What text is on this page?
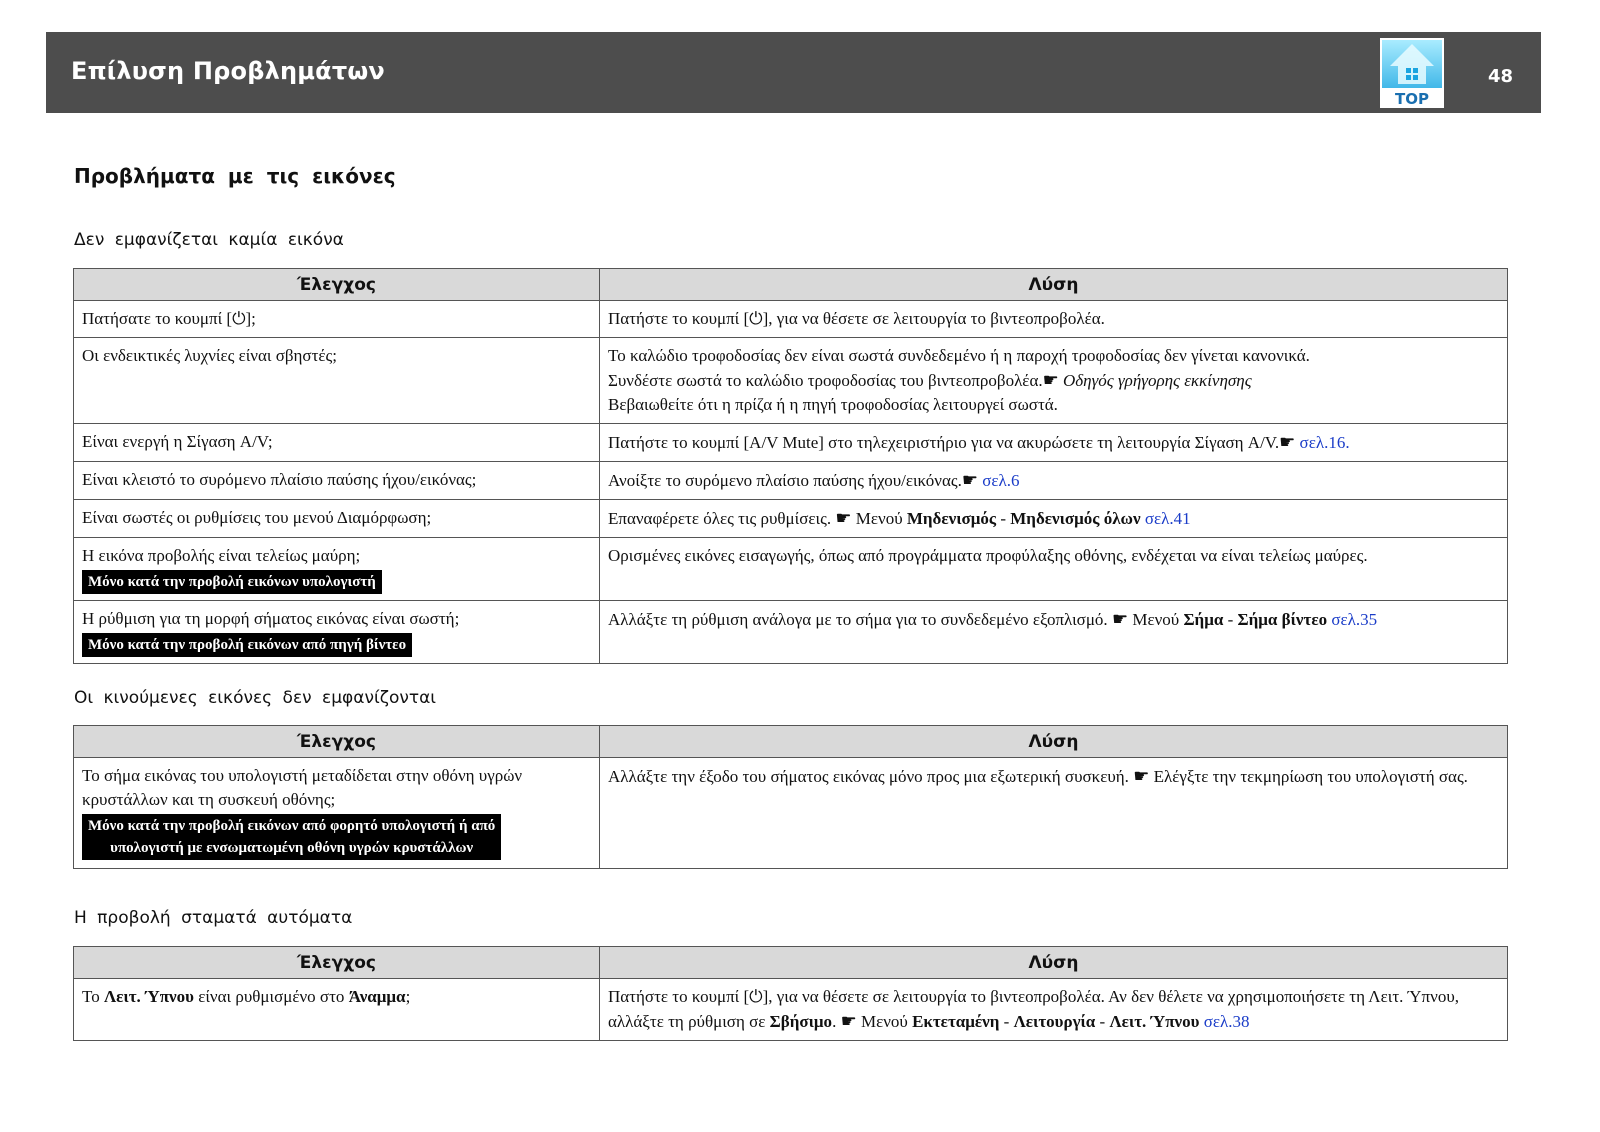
Επίλυση Προβλημάτων
TOP
48
Προβλήματα με τις εικόνες
Δεν εμφανίζεται καμία εικόνα
Έλεγχος	Λύση
Πατήσατε το κουμπί [⏻];	Πατήστε το κουμπί [⏻], για να θέσετε σε λειτουργία το βιντεοπροβολέα.
Οι ενδεικτικές λυχνίες είναι σβηστές;	Το καλώδιο τροφοδοσίας δεν είναι σωστά συνδεδεμένο ή η παροχή τροφοδοσίας δεν γίνεται κανονικά.

Συνδέστε σωστά το καλώδιο τροφοδοσίας του βιντεοπροβολέα.☛ Οδηγός γρήγορης εκκίνησης

Βεβαιωθείτε ότι η πρίζα ή η πηγή τροφοδοσίας λειτουργεί σωστά.

Είναι ενεργή η Σίγαση A/V;	Πατήστε το κουμπί [A/V Mute] στο τηλεχειριστήριο για να ακυρώσετε τη λειτουργία Σίγαση A/V.☛ σελ.16.
Είναι κλειστό το συρόμενο πλαίσιο παύσης ήχου/εικόνας;	Ανοίξτε το συρόμενο πλαίσιο παύσης ήχου/εικόνας.☛ σελ.6
Είναι σωστές οι ρυθμίσεις του μενού Διαμόρφωση;	Επαναφέρετε όλες τις ρυθμίσεις. ☛ Μενού Μηδενισμός - Μηδενισμός όλων σελ.41

Η εικόνα προβολής είναι τελείως μαύρη;
Μόνο κατά την προβολή εικόνων υπολογιστή	Ορισμένες εικόνες εισαγωγής, όπως από προγράμματα προφύλαξης οθόνης, ενδέχεται να είναι τελείως μαύρες.

Η ρύθμιση για τη μορφή σήματος εικόνας είναι σωστή;
Μόνο κατά την προβολή εικόνων από πηγή βίντεο	Αλλάξτε τη ρύθμιση ανάλογα με το σήμα για το συνδεδεμένο εξοπλισμό. ☛ Μενού Σήμα - Σήμα βίντεο σελ.35
Οι κινούμενες εικόνες δεν εμφανίζονται
Έλεγχος	Λύση

Το σήμα εικόνας του υπολογιστή μεταδίδεται στην οθόνη υγρών κρυστάλλων και τη συσκευή οθόνης;
Μόνο κατά την προβολή εικόνων από φορητό υπολογιστή ή από
υπολογιστή με ενσωματωμένη οθόνη υγρών κρυστάλλων	Αλλάξτε την έξοδο του σήματος εικόνας μόνο προς μια εξωτερική συσκευή. ☛ Ελέγξτε την τεκμηρίωση του υπολογιστή σας.
Η προβολή σταματά αυτόματα
Έλεγχος	Λύση
Το Λειτ. Ύπνου είναι ρυθμισμένο στο Άναμμα;	Πατήστε το κουμπί [⏻], για να θέσετε σε λειτουργία το βιντεοπροβολέα. Αν δεν θέλετε να χρησιμοποιήσετε τη Λειτ. Ύπνου, αλλάξτε τη ρύθμιση σε Σβήσιμο. ☛ Μενού Εκτεταμένη - Λειτουργία - Λειτ. Ύπνου σελ.38
